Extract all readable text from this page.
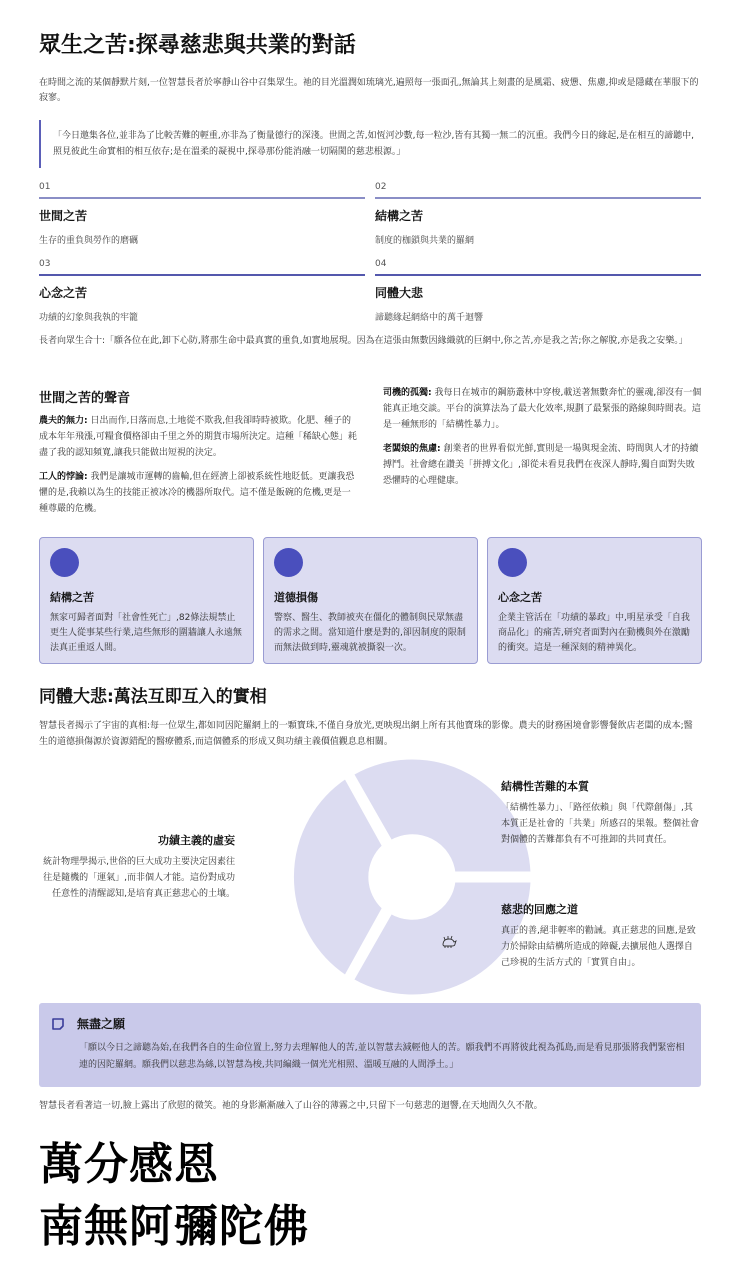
眾生之苦:探尋慈悲與共業的對話

在時間之流的某個靜默片刻,一位智慧長者於寧靜山谷中召集眾生。祂的目光溫潤如琉璃光,遍照每一張面孔,無論其上刻畫的是風霜、疲憊、焦慮,抑或是隱藏在華服下的寂寥。

「今日邀集各位,並非為了比較苦難的輕重,亦非為了衡量德行的深淺。世間之苦,如恆河沙數,每一粒沙,皆有其獨一無二的沉重。我們今日的緣起,是在相互的諦聽中,照見彼此生命實相的相互依存;是在溫柔的凝視中,探尋那份能消融一切隔閡的慈悲根源。」
01
世間之苦
生存的重負與勞作的磨礪
02
結構之苦
制度的枷鎖與共業的羅網
03
心念之苦
功績的幻象與我執的牢籠
04
同體大悲
諦聽緣起網絡中的萬千迴響

長者向眾生合十:「願各位在此,卸下心防,將那生命中最真實的重負,如實地展現。因為在這張由無數因緣織就的巨網中,你之苦,亦是我之苦;你之解脫,亦是我之安樂。」

世間之苦的聲音

農夫的無力: 日出而作,日落而息,土地從不欺我,但我卻時時被欺。化肥、種子的成本年年飛漲,可糧食價格卻由千里之外的期貨市場所決定。這種「稀缺心態」耗盡了我的認知頻寬,讓我只能做出短視的決定。

工人的悖論: 我們是讓城市運轉的齒輪,但在經濟上卻被系統性地貶低。更讓我恐懼的是,我賴以為生的技能正被冰冷的機器所取代。這不僅是飯碗的危機,更是一種尊嚴的危機。

司機的孤獨: 我每日在城市的鋼筋叢林中穿梭,載送著無數奔忙的靈魂,卻沒有一個能真正地交談。平台的演算法為了最大化效率,規劃了最緊張的路線與時間表。這是一種無形的「結構性暴力」。

老闆娘的焦慮: 創業者的世界看似光鮮,實則是一場與現金流、時間與人才的持續搏鬥。社會總在讚美「拼搏文化」,卻從未看見我們在夜深人靜時,獨自面對失敗恐懼時的心理健康。

結構之苦
無家可歸者面對「社會性死亡」,82條法規禁止更生人從事某些行業,這些無形的圍牆讓人永遠無法真正重返人間。
道德損傷
警察、醫生、教師被夾在僵化的體制與民眾無盡的需求之間。當知道什麼是對的,卻因制度的限制而無法做到時,靈魂就被撕裂一次。
心念之苦
企業主管活在「功績的暴政」中,明星承受「自我商品化」的痛苦,研究者面對內在動機與外在激勵的衝突。這是一種深刻的精神異化。
同體大悲:萬法互即互入的實相

智慧長者揭示了宇宙的真相:每一位眾生,都如同因陀羅網上的一顆寶珠,不僅自身放光,更映現出網上所有其他寶珠的影像。農夫的財務困境會影響餐飲店老闆的成本;醫生的道德損傷源於資源錯配的醫療體系,而這個體系的形成又與功績主義價值觀息息相關。

結構性苦難的本質
「結構性暴力」、「路徑依賴」與「代際創傷」,其本質正是社會的「共業」所感召的果報。整個社會對個體的苦難都負有不可推卸的共同責任。
功績主義的虛妄
統計物理學揭示,世俗的巨大成功主要決定因素往往是隨機的「運氣」,而非個人才能。這份對成功任意性的清醒認知,是培育真正慈悲心的土壤。
慈悲的回應之道
真正的善,絕非輕率的勸誡。真正慈悲的回應,是致力於掃除由結構所造成的障礙,去擴展他人選擇自己珍視的生活方式的「實質自由」。
無盡之願
「願以今日之諦聽為始,在我們各自的生命位置上,努力去理解他人的苦,並以智慧去減輕他人的苦。願我們不再將彼此視為孤島,而是看見那張將我們緊密相連的因陀羅網。願我們以慈悲為絲,以智慧為梭,共同編織一個光光相照、溫暖互融的人間淨土。」

智慧長者看著這一切,臉上露出了欣慰的微笑。祂的身影漸漸融入了山谷的薄霧之中,只留下一句慈悲的迴響,在天地間久久不散。

萬分感恩
南無阿彌陀佛
